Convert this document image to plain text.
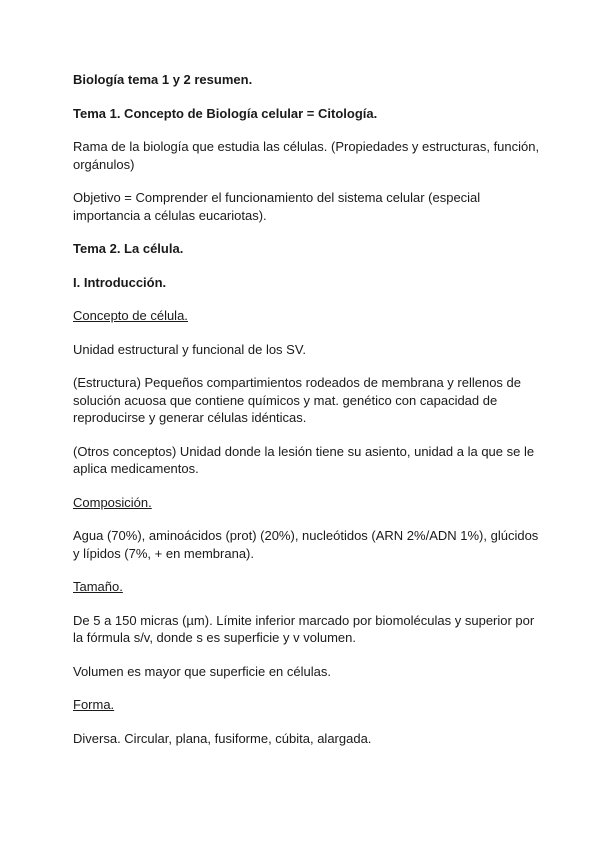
Biología tema 1 y 2 resumen.
Tema 1. Concepto de Biología celular = Citología.
Rama de la biología que estudia las células. (Propiedades y estructuras, función, orgánulos)
Objetivo = Comprender el funcionamiento del sistema celular (especial importancia a células eucariotas).
Tema 2. La célula.
I. Introducción.
Concepto de célula.
Unidad estructural y funcional de los SV.
(Estructura) Pequeños compartimientos rodeados de membrana y rellenos de solución acuosa que contiene químicos y mat. genético con capacidad de reproducirse y generar células idénticas.
(Otros conceptos) Unidad donde la lesión tiene su asiento, unidad a la que se le aplica medicamentos.
Composición.
Agua (70%), aminoácidos (prot) (20%), nucleótidos (ARN 2%/ADN 1%), glúcidos y lípidos (7%, + en membrana).
Tamaño.
De 5 a 150 micras (µm). Límite inferior marcado por biomoléculas y superior por la fórmula s/v, donde s es superficie y v volumen.
Volumen es mayor que superficie en células.
Forma.
Diversa. Circular, plana, fusiforme, cúbita, alargada.
